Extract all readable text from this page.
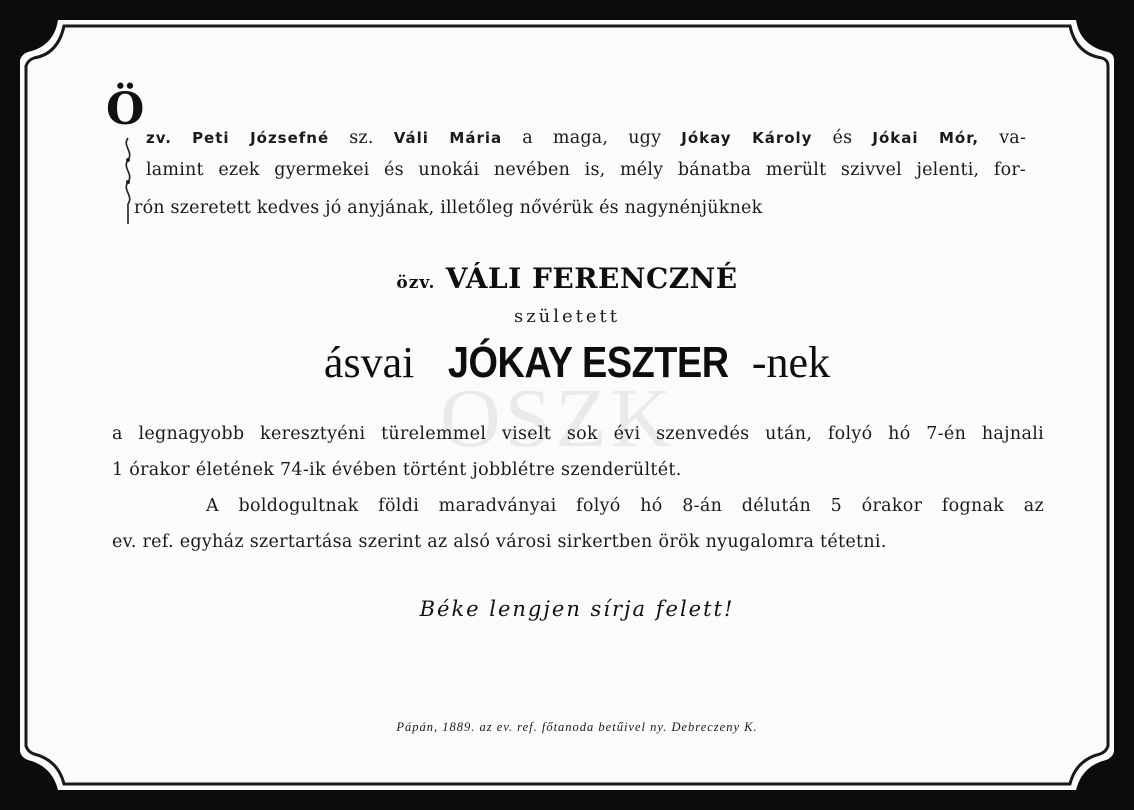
Ö
zv. Peti Józsefné sz. Váli Mária a maga, ugy Jókay Károly és Jókai Mór, va-
lamint ezek gyermekei és unokái nevében is, mély bánatba merült szivvel jelenti, for-
rón szeretett kedves jó anyjának, illetőleg nővérük és nagynénjüknek
özv. VÁLI FERENCZNÉ
született
ásvai JÓKAY ESZTER -nek
OSZK
a legnagyobb keresztyéni türelemmel viselt sok évi szenvedés után, folyó hó 7-én hajnali
1 órakor életének 74-ik évében történt jobblétre szenderültét.
A boldogultnak földi maradványai folyó hó 8-án délután 5 órakor fognak az
ev. ref. egyház szertartása szerint az alsó városi sirkertben örök nyugalomra tétetni.
Béke lengjen sírja felett!
Pápán, 1889. az ev. ref. főtanoda betűivel ny. Debreczeny K.
